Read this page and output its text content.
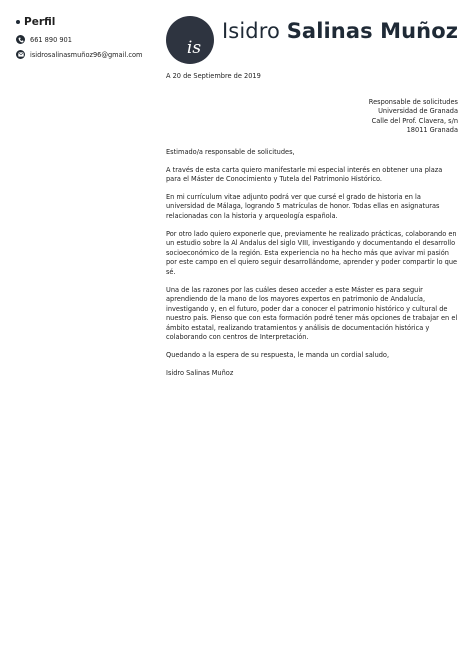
Perfil
661 890 901
isidrosalinasmuñoz96@gmail.com	is
Isidro Salinas Muñoz

A 20 de Septiembre de 2019

Responsable de solicitudes
Universidad de Granada
Calle del Prof. Clavera, s/n
18011 Granada

Estimado/a responsable de solicitudes,

A través de esta carta quiero manifestarle mi especial interés en obtener una plaza para el Máster de Conocimiento y Tutela del Patrimonio Histórico.

En mi currículum vitae adjunto podrá ver que cursé el grado de historia en la universidad de Málaga, logrando 5 matrículas de honor. Todas ellas en asignaturas relacionadas con la historia y arqueología española.

Por otro lado quiero exponerle que, previamente he realizado prácticas, colaborando en un estudio sobre la Al Andalus del siglo VIII, investigando y documentando el desarrollo socioeconómico de la región. Esta experiencia no ha hecho más que avivar mi pasión por este campo en el quiero seguir desarrollándome, aprender y poder compartir lo que sé.

Una de las razones por las cuáles deseo acceder a este Máster es para seguir aprendiendo de la mano de los mayores expertos en patrimonio de Andalucía, investigando y, en el futuro, poder dar a conocer el patrimonio histórico y cultural de nuestro país. Pienso que con esta formación podré tener más opciones de trabajar en el ámbito estatal, realizando tratamientos y análisis de documentación histórica y colaborando con centros de Interpretación.

Quedando a la espera de su respuesta, le manda un cordial saludo,

Isidro Salinas Muñoz
